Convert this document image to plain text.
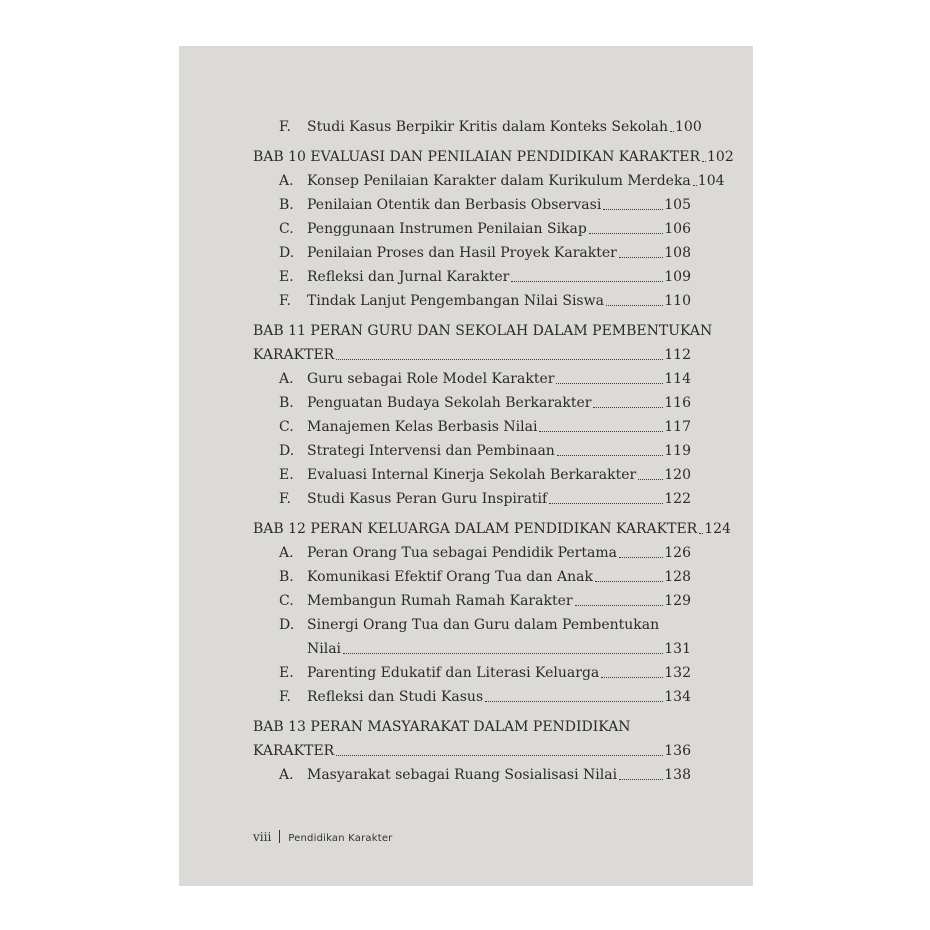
F.	Studi Kasus Berpikir Kritis dalam Konteks Sekolah 100
BAB 10 EVALUASI DAN PENILAIAN PENDIDIKAN KARAKTER 102
A. Konsep Penilaian Karakter dalam Kurikulum Merdeka 104
B. Penilaian Otentik dan Berbasis Observasi	105
C. Penggunaan Instrumen Penilaian Sikap	106
D. Penilaian Proses dan Hasil Proyek Karakter	108
E. Refleksi dan Jurnal Karakter	109
F.	Tindak Lanjut Pengembangan Nilai Siswa	110
BAB 11 PERAN GURU DAN SEKOLAH DALAM PEMBENTUKAN
KARAKTER	112
A. Guru sebagai Role Model Karakter	114
B. Penguatan Budaya Sekolah Berkarakter	116
C. Manajemen Kelas Berbasis Nilai	117
D. Strategi Intervensi dan Pembinaan	119
E. Evaluasi Internal Kinerja Sekolah Berkarakter 120
F.	Studi Kasus Peran Guru Inspiratif	122
BAB 12 PERAN KELUARGA DALAM PENDIDIKAN KARAKTER 124
A. Peran Orang Tua sebagai Pendidik Pertama	126
B. Komunikasi Efektif Orang Tua dan Anak	128
C. Membangun Rumah Ramah Karakter	129
D. Sinergi Orang Tua dan Guru dalam Pembentukan
Nilai	131
E. Parenting Edukatif dan Literasi Keluarga	132
F.	Refleksi dan Studi Kasus	134
BAB 13 PERAN MASYARAKAT DALAM PENDIDIKAN
KARAKTER	136
A. Masyarakat sebagai Ruang Sosialisasi Nilai	138
viii Pendidikan Karakter
